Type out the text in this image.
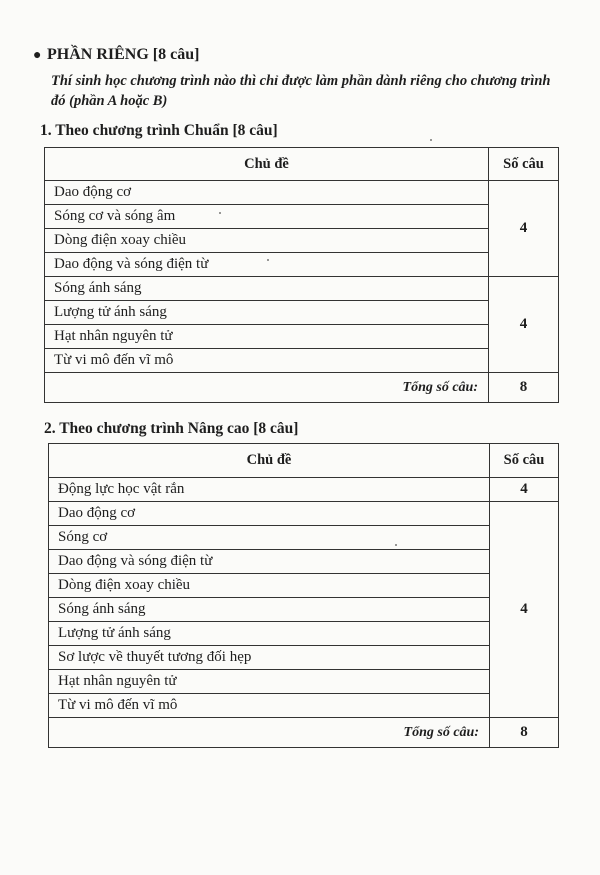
● PHẦN RIÊNG [8 câu]
Thí sinh học chương trình nào thì chỉ được làm phần dành riêng cho chương trình đó (phần A hoặc B)
1. Theo chương trình Chuẩn [8 câu]
Chủ đề	Số câu
Dao động cơ	4
Sóng cơ và sóng âm	
Dòng điện xoay chiều	
Dao động và sóng điện từ	
Sóng ánh sáng	4
Lượng tử ánh sáng	
Hạt nhân nguyên tử	
Từ vi mô đến vĩ mô	
Tổng số câu:	8
2. Theo chương trình Nâng cao [8 câu]
Chủ đề	Số câu
Động lực học vật rắn	4
Dao động cơ	4
Sóng cơ	
Dao động và sóng điện từ	
Dòng điện xoay chiều	
Sóng ánh sáng	
Lượng tử ánh sáng	
Sơ lược về thuyết tương đối hẹp	
Hạt nhân nguyên tử	
Từ vi mô đến vĩ mô	
Tổng số câu:	8
